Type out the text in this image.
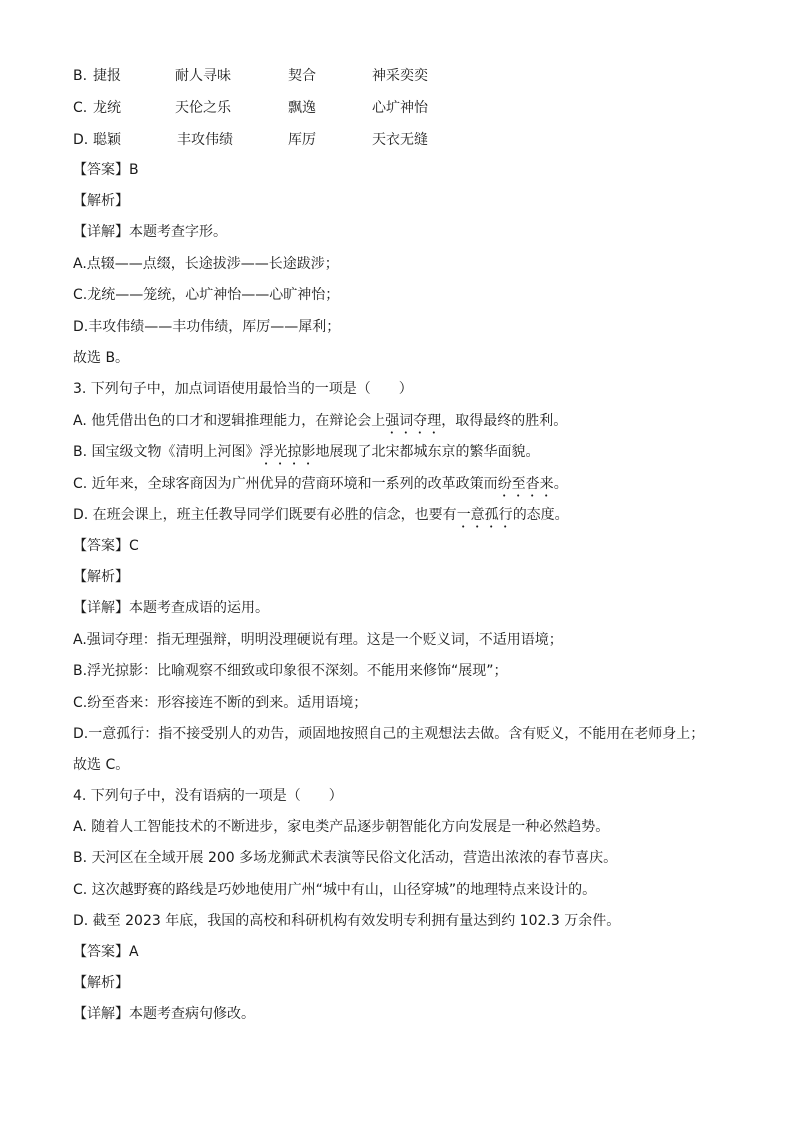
B. 捷报	耐人寻味	契合	神采奕奕
C. 龙统	天伦之乐	飘逸	心圹神怡
D. 聪颖	丰攻伟绩	厍厉	天衣无缝
【答案】B
【解析】
【详解】本题考查字形。
A.点辍——点缀，长途拔涉——长途跋涉；
C.龙统——笼统，心圹神怡——心旷神怡；
D.丰攻伟绩——丰功伟绩，厍厉——犀利；
故选 B。
3. 下列句子中，加点词语使用最恰当的一项是（　　）
A. 他凭借出色的口才和逻辑推理能力，在辩论会上强词夺理，取得最终的胜利。
B. 国宝级文物《清明上河图》浮光掠影地展现了北宋都城东京的繁华面貌。
C. 近年来，全球客商因为广州优异的营商环境和一系列的改革政策而纷至沓来。
D. 在班会课上，班主任教导同学们既要有必胜的信念，也要有一意孤行的态度。
【答案】C
【解析】
【详解】本题考查成语的运用。
A.强词夺理：指无理强辩，明明没理硬说有理。这是一个贬义词，不适用语境；
B.浮光掠影：比喻观察不细致或印象很不深刻。不能用来修饰“展现”；
C.纷至沓来：形容接连不断的到来。适用语境；
D.一意孤行：指不接受别人的劝告，顽固地按照自己的主观想法去做。含有贬义，不能用在老师身上；
故选 C。
4. 下列句子中，没有语病的一项是（　　）
A. 随着人工智能技术的不断进步，家电类产品逐步朝智能化方向发展是一种必然趋势。
B. 天河区在全域开展 200 多场龙狮武术表演等民俗文化活动，营造出浓浓的春节喜庆。
C. 这次越野赛的路线是巧妙地使用广州“城中有山，山径穿城”的地理特点来设计的。
D. 截至 2023 年底，我国的高校和科研机构有效发明专利拥有量达到约 102.3 万余件。
【答案】A
【解析】
【详解】本题考查病句修改。
